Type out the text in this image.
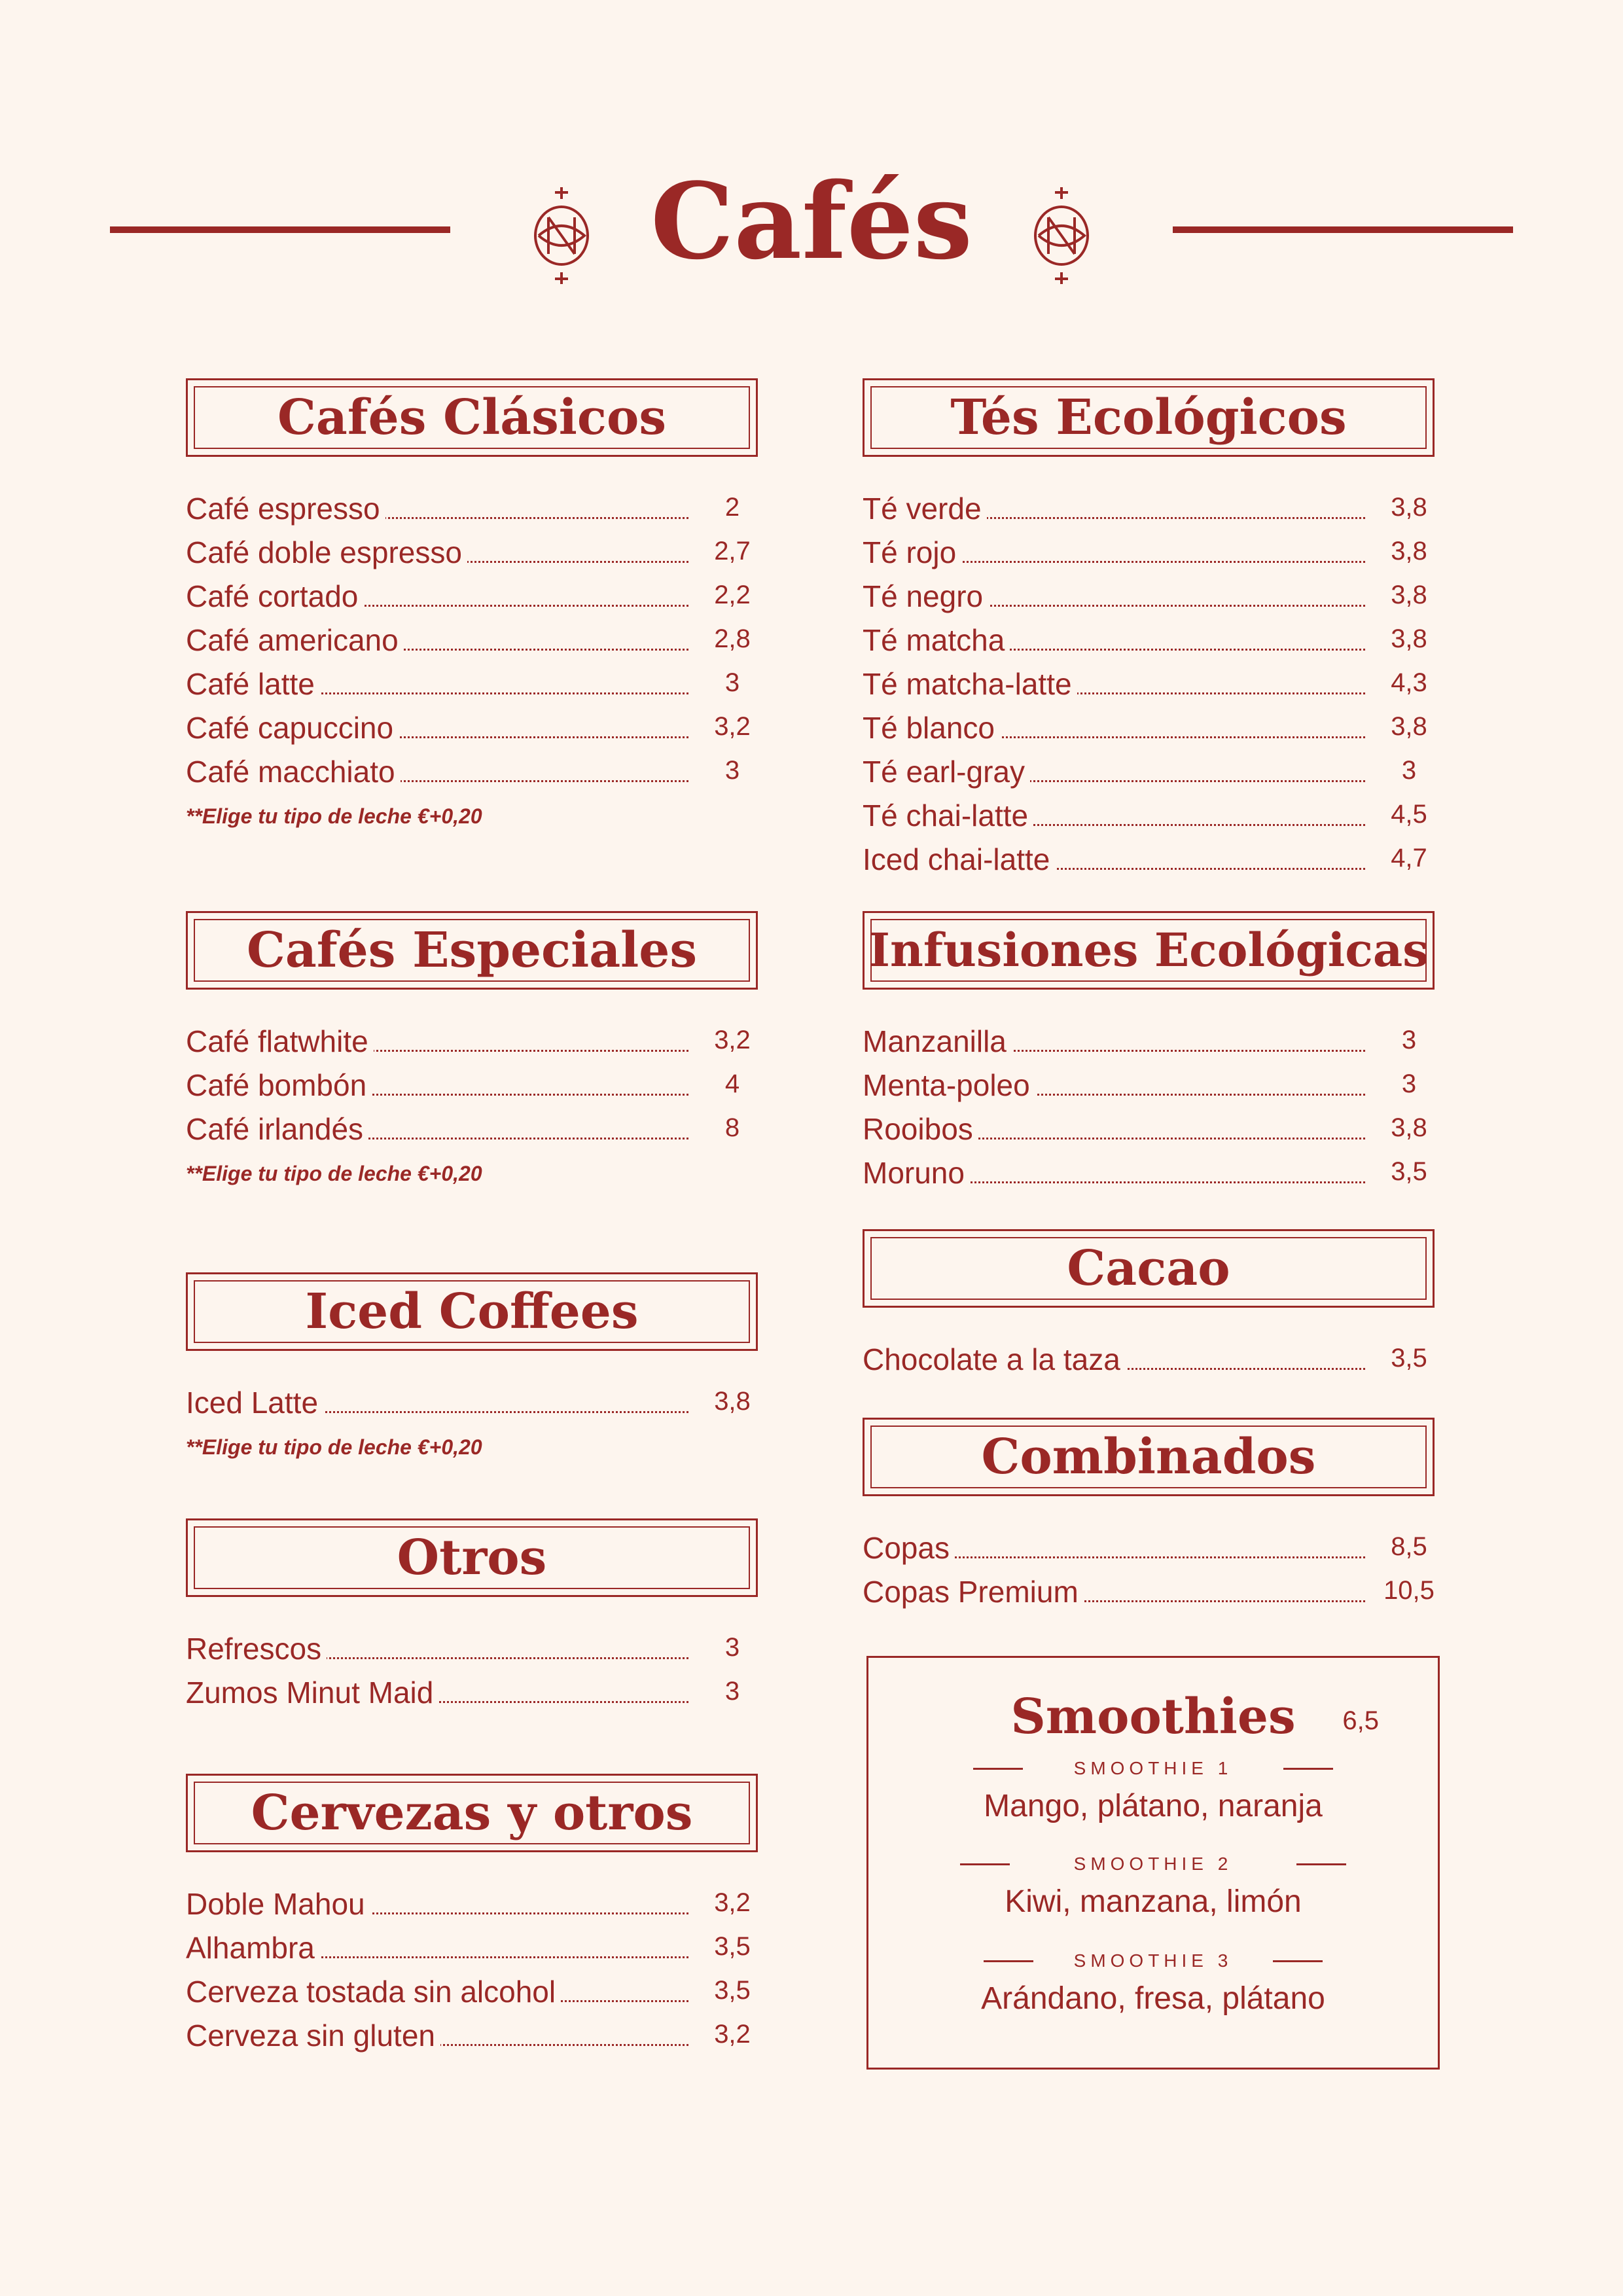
Cafés
Cafés Clásicos
Café espresso	2
Café doble espresso	2,7
Café cortado	2,2
Café americano	2,8
Café latte	3
Café capuccino	3,2
Café macchiato	3
**Elige tu tipo de leche €+0,20
Cafés Especiales
Café flatwhite	3,2
Café bombón	4
Café irlandés	8
**Elige tu tipo de leche €+0,20
Iced Coffees
Iced Latte	3,8
**Elige tu tipo de leche €+0,20
Otros
Refrescos	3
Zumos Minut Maid	3
Cervezas y otros
Doble Mahou	3,2
Alhambra	3,5
Cerveza tostada sin alcohol	3,5
Cerveza sin gluten	3,2
Tés Ecológicos
Té verde	3,8
Té rojo	3,8
Té negro	3,8
Té matcha	3,8
Té matcha-latte	4,3
Té blanco	3,8
Té earl-gray	3
Té chai-latte	4,5
Iced chai-latte	4,7
Infusiones Ecológicas
Manzanilla	3
Menta-poleo	3
Rooibos	3,8
Moruno	3,5
Cacao
Chocolate a la taza	3,5
Combinados
Copas	8,5
Copas Premium	10,5
Smoothies	6,5
SMOOTHIE 1
Mango, plátano, naranja
SMOOTHIE 2
Kiwi, manzana, limón
SMOOTHIE 3
Arándano, fresa, plátano
